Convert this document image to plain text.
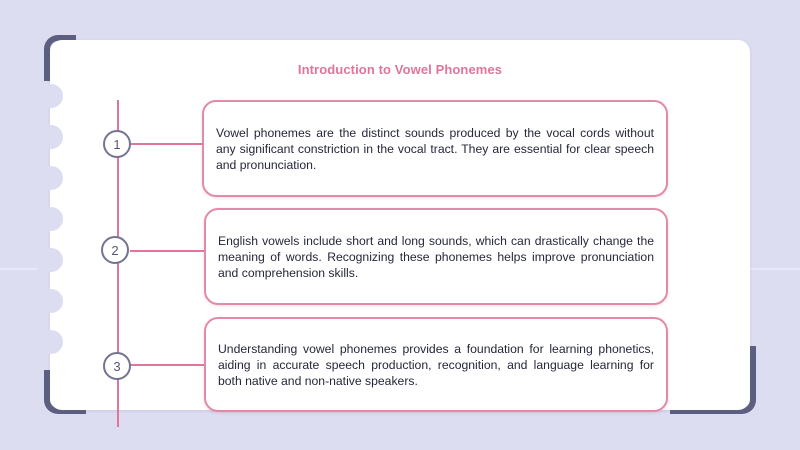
Introduction to Vowel Phonemes
1

Vowel phonemes are the distinct sounds produced by the vocal cords without any significant constriction in the vocal tract. They are essential for clear speech and pronunciation.

2

English vowels include short and long sounds, which can drastically change the meaning of words. Recognizing these phonemes helps improve pronunciation and comprehension skills.

3

Understanding vowel phonemes provides a foundation for learning phonetics, aiding in accurate speech production, recognition, and language learning for both native and non-native speakers.
